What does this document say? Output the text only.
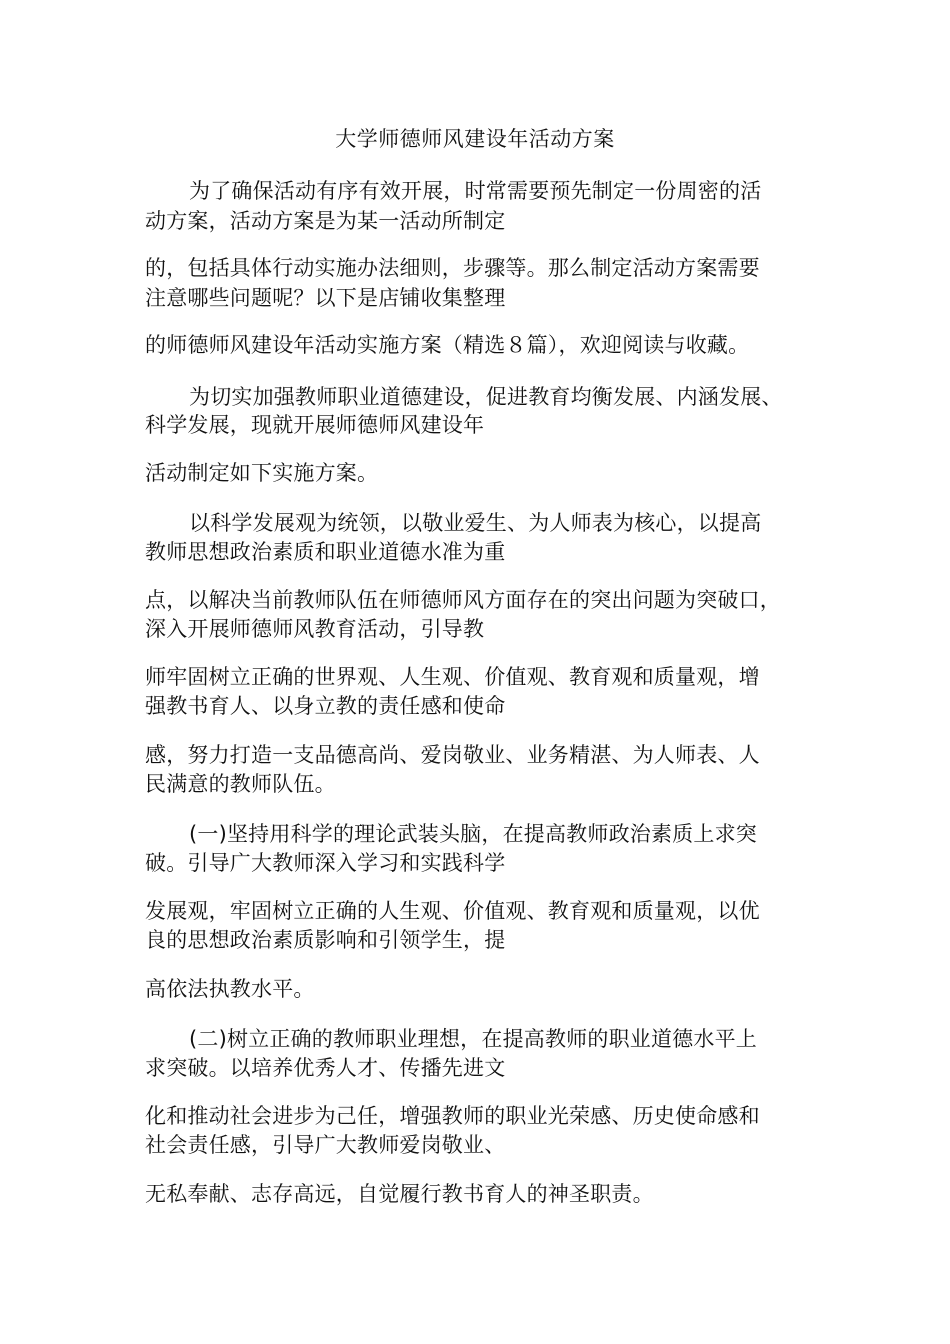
大学师德师风建设年活动方案
为了确保活动有序有效开展，时常需要预先制定一份周密的活
动方案，活动方案是为某一活动所制定
的，包括具体行动实施办法细则，步骤等。那么制定活动方案需要
注意哪些问题呢？以下是店铺收集整理
的师德师风建设年活动实施方案（精选８篇），欢迎阅读与收藏。
为切实加强教师职业道德建设，促进教育均衡发展、内涵发展、
科学发展，现就开展师德师风建设年
活动制定如下实施方案。
以科学发展观为统领，以敬业爱生、为人师表为核心，以提高
教师思想政治素质和职业道德水准为重
点，以解决当前教师队伍在师德师风方面存在的突出问题为突破口，
深入开展师德师风教育活动，引导教
师牢固树立正确的世界观、人生观、价值观、教育观和质量观，增
强教书育人、以身立教的责任感和使命
感，努力打造一支品德高尚、爱岗敬业、业务精湛、为人师表、人
民满意的教师队伍。
(一)坚持用科学的理论武装头脑，在提高教师政治素质上求突
破。引导广大教师深入学习和实践科学
发展观，牢固树立正确的人生观、价值观、教育观和质量观，以优
良的思想政治素质影响和引领学生，提
高依法执教水平。
(二)树立正确的教师职业理想，在提高教师的职业道德水平上
求突破。以培养优秀人才、传播先进文
化和推动社会进步为己任，增强教师的职业光荣感、历史使命感和
社会责任感，引导广大教师爱岗敬业、
无私奉献、志存高远，自觉履行教书育人的神圣职责。
